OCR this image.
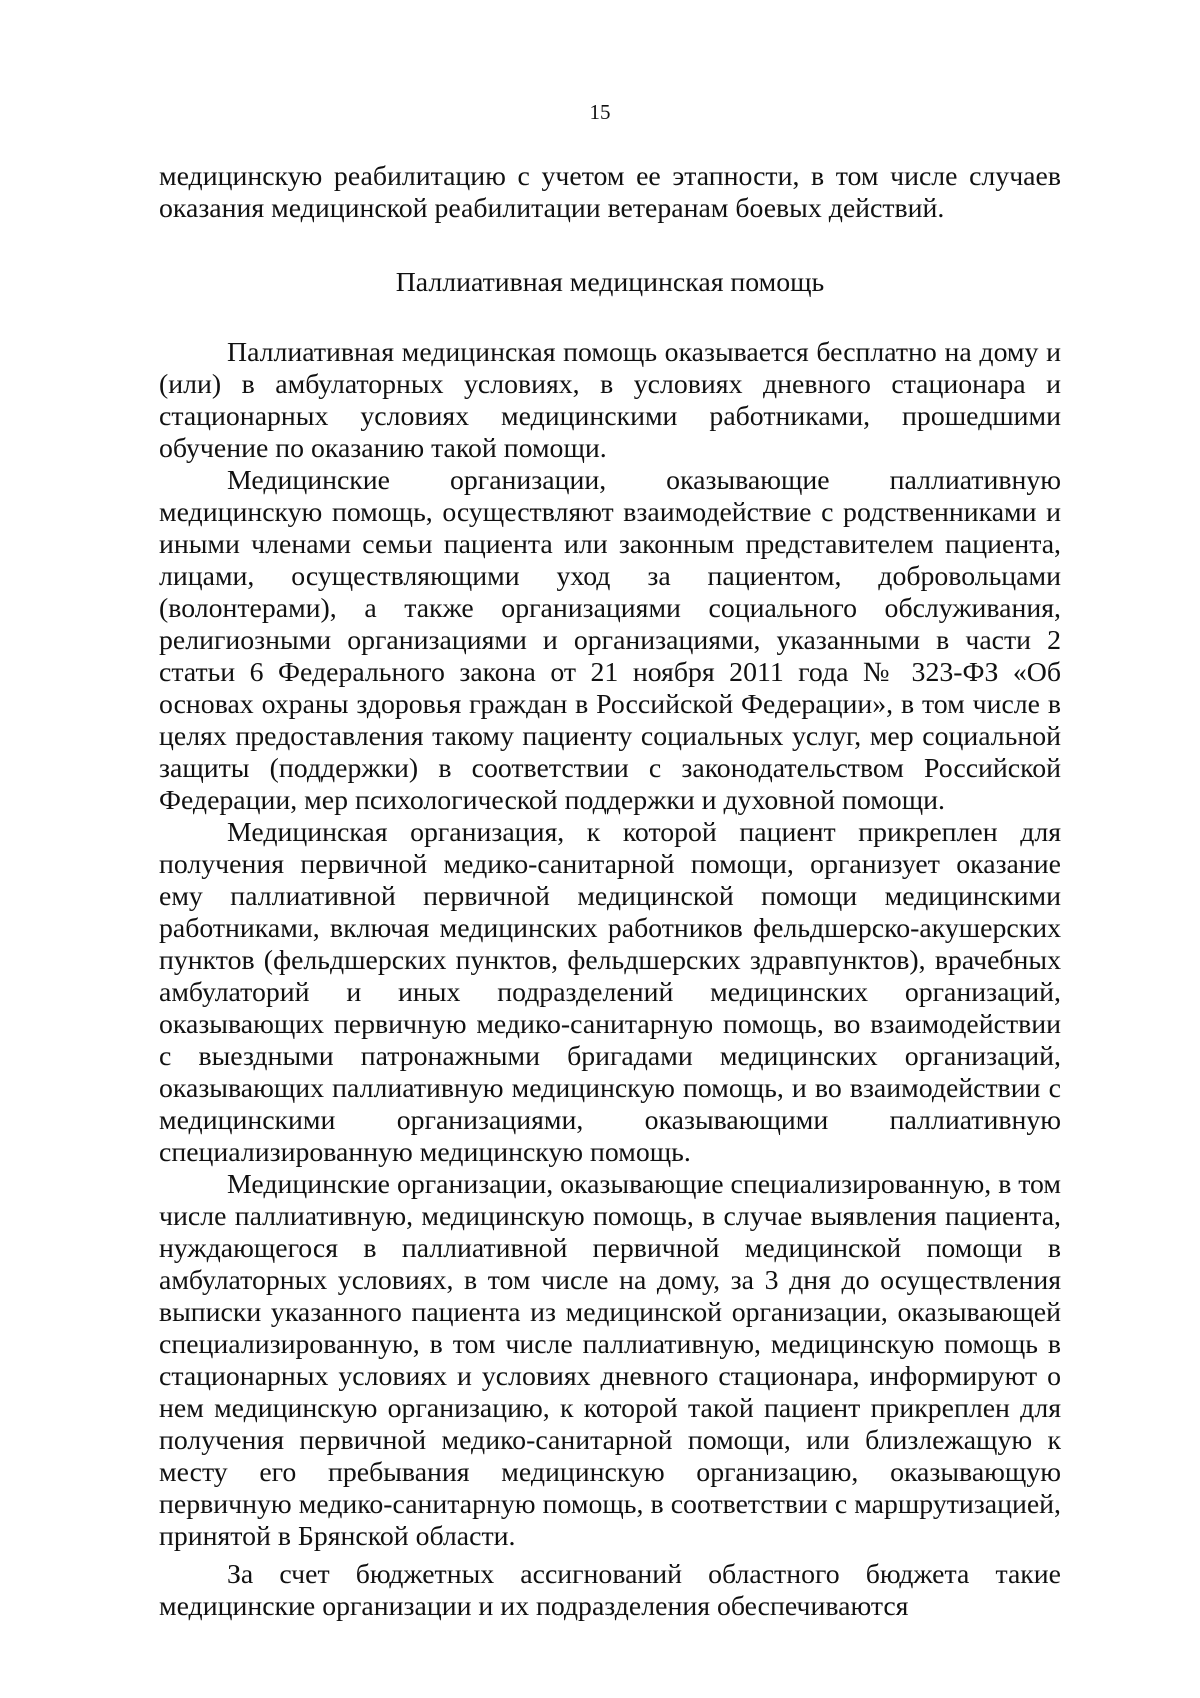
15

медицинскую реабилитацию с учетом ее этапности, в том числе случаев оказания медицинской реабилитации ветеранам боевых действий.

Паллиативная медицинская помощь

Паллиативная медицинская помощь оказывается бесплатно на дому и (или) в амбулаторных условиях, в условиях дневного стационара и стационарных условиях медицинскими работниками, прошедшими обучение по оказанию такой помощи.

Медицинские организации, оказывающие паллиативную медицинскую помощь, осуществляют взаимодействие с родственниками и иными членами семьи пациента или законным представителем пациента, лицами, осуществляющими уход за пациентом, добровольцами (волонтерами), а также организациями социального обслуживания, религиозными организациями и организациями, указанными в части 2 статьи 6 Федерального закона от 21 ноября 2011 года № 323-ФЗ «Об основах охраны здоровья граждан в Российской Федерации», в том числе в целях предоставления такому пациенту социальных услуг, мер социальной защиты (поддержки) в соответствии с законодательством Российской Федерации, мер психологической поддержки и духовной помощи.

Медицинская организация, к которой пациент прикреплен для получения первичной медико-санитарной помощи, организует оказание ему паллиативной первичной медицинской помощи медицинскими работниками, включая медицинских работников фельдшерско-акушерских пунктов (фельдшерских пунктов, фельдшерских здравпунктов), врачебных амбулаторий и иных подразделений медицинских организаций, оказывающих первичную медико-санитарную помощь, во взаимодействии с выездными патронажными бригадами медицинских организаций, оказывающих паллиативную медицинскую помощь, и во взаимодействии с медицинскими организациями, оказывающими паллиативную специализированную медицинскую помощь.

Медицинские организации, оказывающие специализированную, в том числе паллиативную, медицинскую помощь, в случае выявления пациента, нуждающегося в паллиативной первичной медицинской помощи в амбулаторных условиях, в том числе на дому, за 3 дня до осуществления выписки указанного пациента из медицинской организации, оказывающей специализированную, в том числе паллиативную, медицинскую помощь в стационарных условиях и условиях дневного стационара, информируют о нем медицинскую организацию, к которой такой пациент прикреплен для получения первичной медико-санитарной помощи, или близлежащую к месту его пребывания медицинскую организацию, оказывающую первичную медико-санитарную помощь, в соответствии с маршрутизацией, принятой в Брянской области.

За счет бюджетных ассигнований областного бюджета такие медицинские организации и их подразделения обеспечиваются
